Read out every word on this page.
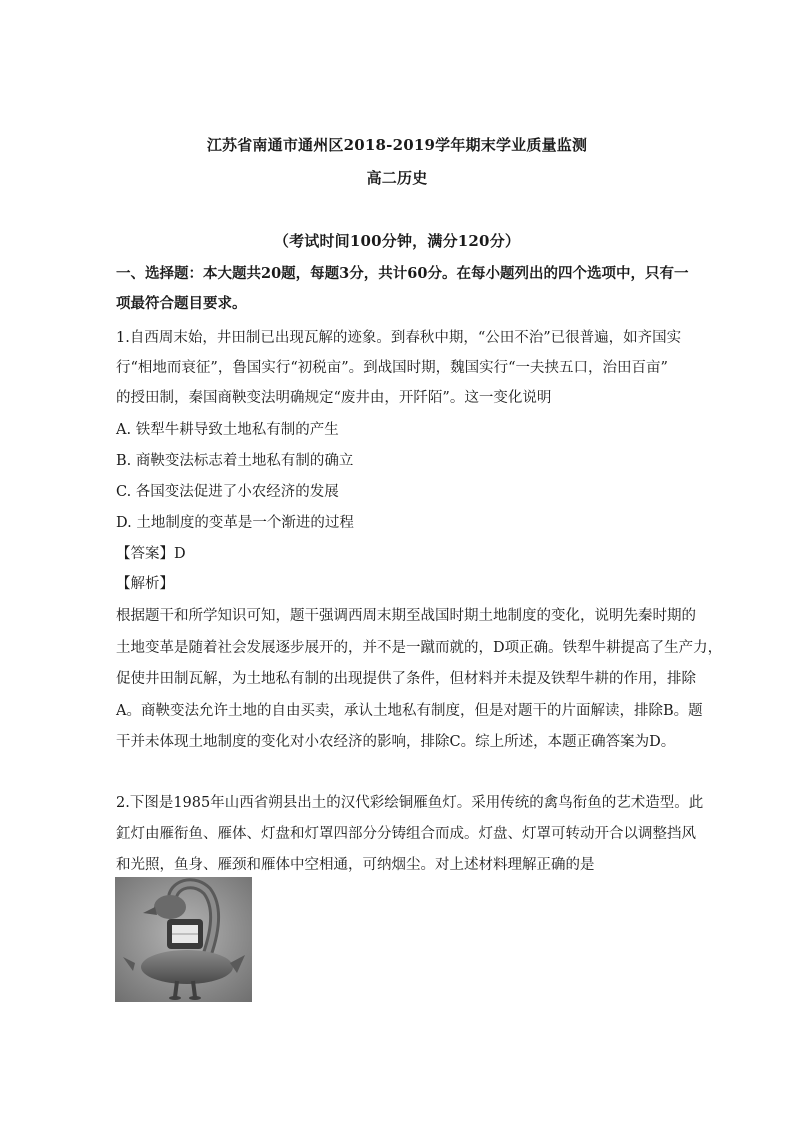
江苏省南通市通州区2018-2019学年期末学业质量监测
高二历史
（考试时间100分钟，满分120分）
一、选择题：本大题共20题，每题3分，共计60分。在每小题列出的四个选项中，只有一
项最符合题目要求。
1.自西周末始，井田制已出现瓦解的迹象。到春秋中期，“公田不治”已很普遍，如齐国实
行“相地而衰征”，鲁国实行“初税亩”。到战国时期，魏国实行“一夫挟五口，治田百亩”
的授田制，秦国商鞅变法明确规定“废井由，开阡陌”。这一变化说明
A. 铁犁牛耕导致土地私有制的产生
B. 商鞅变法标志着土地私有制的确立
C. 各国变法促进了小农经济的发展
D. 土地制度的变革是一个渐进的过程
【答案】D
【解析】
根据题干和所学知识可知，题干强调西周末期至战国时期土地制度的变化，说明先秦时期的
土地变革是随着社会发展逐步展开的，并不是一蹴而就的，D项正确。铁犁牛耕提高了生产力，
促使井田制瓦解，为土地私有制的出现提供了条件，但材料并未提及铁犁牛耕的作用，排除
A。商鞅变法允许土地的自由买卖，承认土地私有制度，但是对题干的片面解读，排除B。题
干并未体现土地制度的变化对小农经济的影响，排除C。综上所述，本题正确答案为D。
2.下图是1985年山西省朔县出土的汉代彩绘铜雁鱼灯。采用传统的禽鸟衔鱼的艺术造型。此
釭灯由雁衔鱼、雁体、灯盘和灯罩四部分分铸组合而成。灯盘、灯罩可转动开合以调整挡风
和光照，鱼身、雁颈和雁体中空相通，可纳烟尘。对上述材料理解正确的是
